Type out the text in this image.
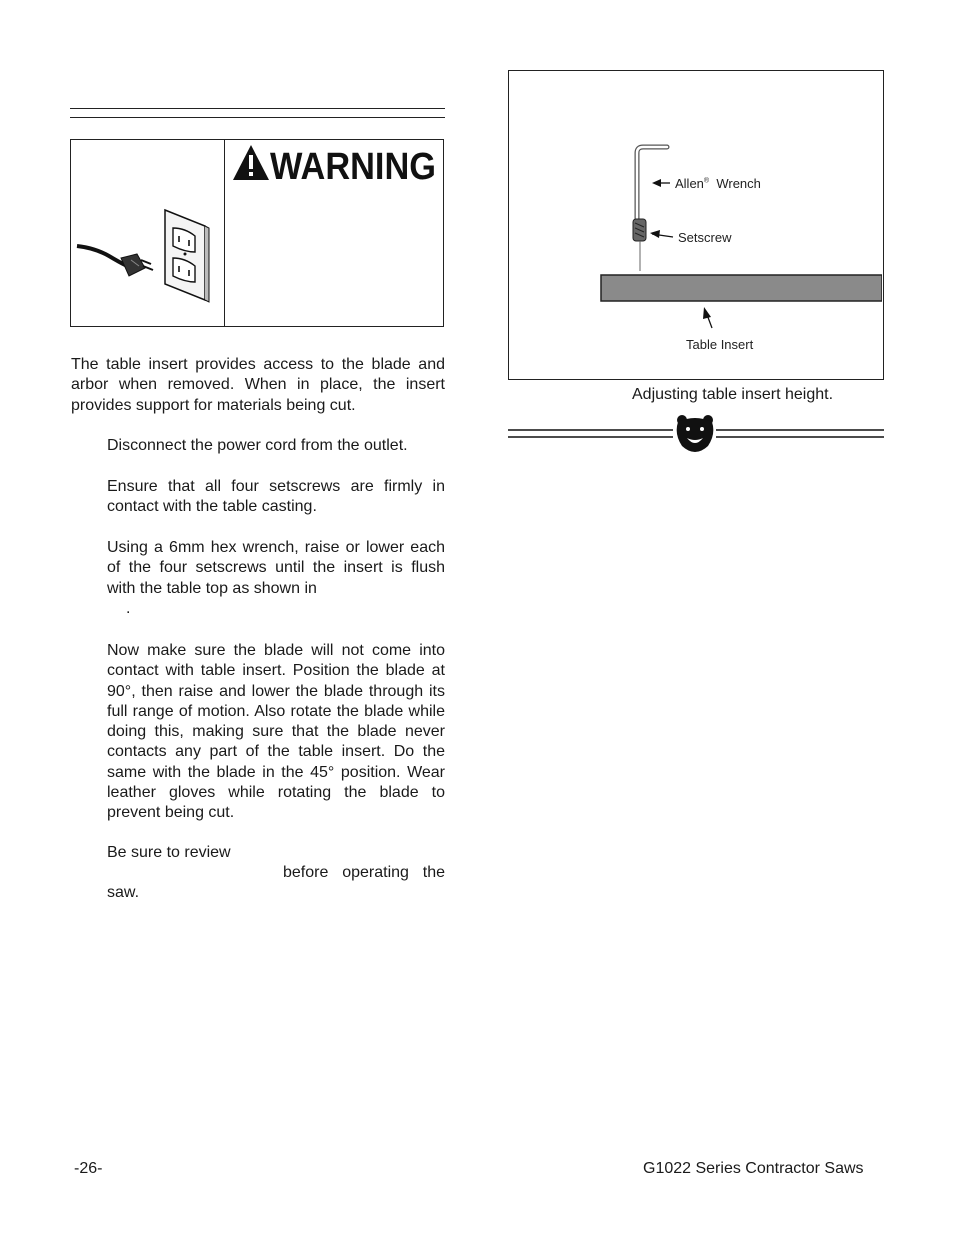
WARNING

The table insert provides access to the blade and arbor when removed. When in place, the insert provides support for materials being cut.

Disconnect the power cord from the outlet.

Ensure that all four setscrews are firmly in contact with the table casting.

Using a 6mm hex wrench, raise or lower each of the four setscrews until the insert is flush with the table top as shown in

.

Now make sure the blade will not come into contact with table insert. Position the blade at 90°, then raise and lower the blade through its full range of motion. Also rotate the blade while doing this, making sure that the blade never contacts any part of the table insert. Do the same with the blade in the 45° position. Wear leather gloves while rotating the blade to prevent being cut.

Be sure to review
before operating the
saw.
Allen® Wrench
Setscrew
Table Insert
Adjusting table insert height.
-26-	G1022 Series Contractor Saws
